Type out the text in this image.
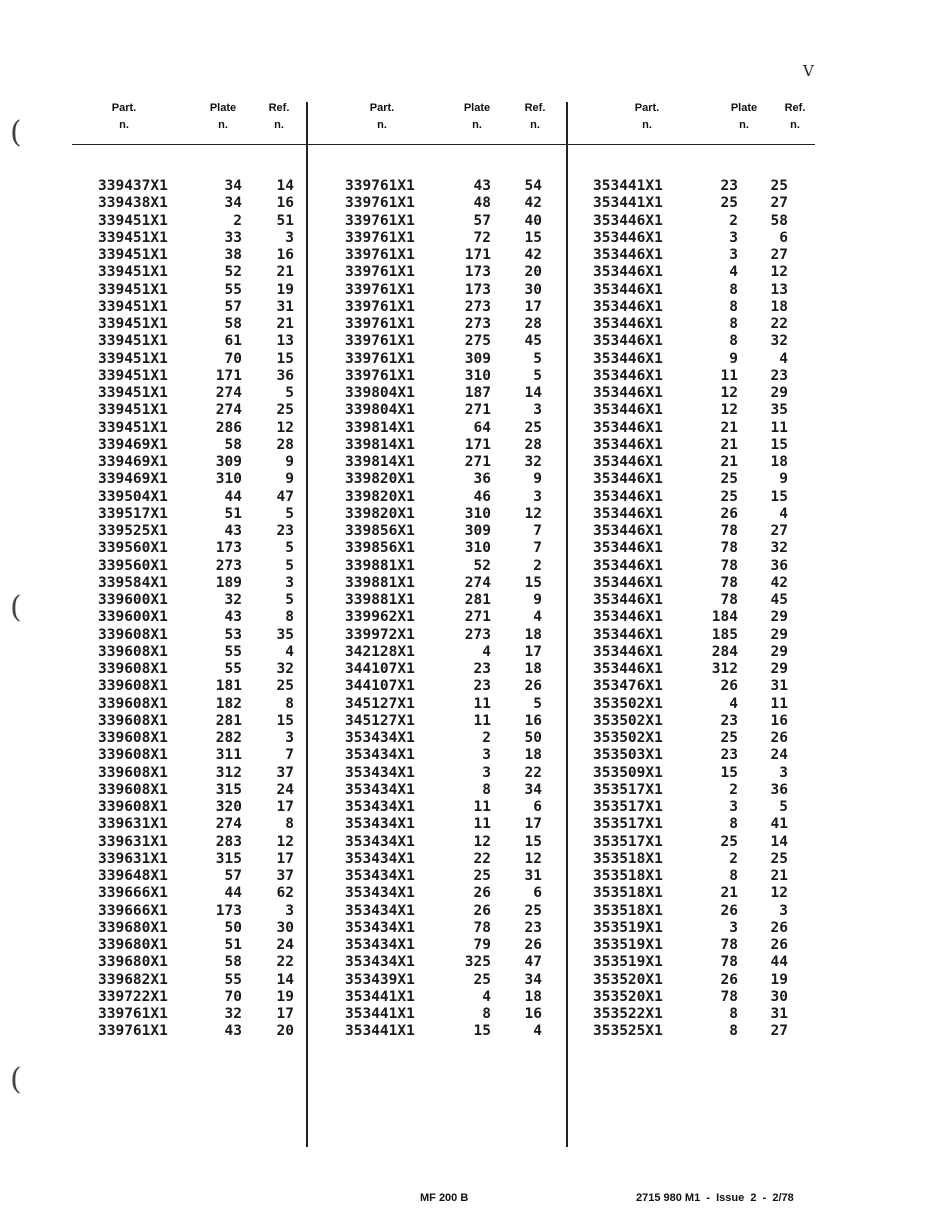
V
(
(
(
Part.
n.
Plate
n.
Ref.
n.
339437X1	34	14
339438X1	34	16
339451X1	2	51
339451X1	33	3
339451X1	38	16
339451X1	52	21
339451X1	55	19
339451X1	57	31
339451X1	58	21
339451X1	61	13
339451X1	70	15
339451X1	171	36
339451X1	274	5
339451X1	274	25
339451X1	286	12
339469X1	58	28
339469X1	309	9
339469X1	310	9
339504X1	44	47
339517X1	51	5
339525X1	43	23
339560X1	173	5
339560X1	273	5
339584X1	189	3
339600X1	32	5
339600X1	43	8
339608X1	53	35
339608X1	55	4
339608X1	55	32
339608X1	181	25
339608X1	182	8
339608X1	281	15
339608X1	282	3
339608X1	311	7
339608X1	312	37
339608X1	315	24
339608X1	320	17
339631X1	274	8
339631X1	283	12
339631X1	315	17
339648X1	57	37
339666X1	44	62
339666X1	173	3
339680X1	50	30
339680X1	51	24
339680X1	58	22
339682X1	55	14
339722X1	70	19
339761X1	32	17
339761X1	43	20
Part.
n.
Plate
n.
Ref.
n.
339761X1	43	54
339761X1	48	42
339761X1	57	40
339761X1	72	15
339761X1	171	42
339761X1	173	20
339761X1	173	30
339761X1	273	17
339761X1	273	28
339761X1	275	45
339761X1	309	5
339761X1	310	5
339804X1	187	14
339804X1	271	3
339814X1	64	25
339814X1	171	28
339814X1	271	32
339820X1	36	9
339820X1	46	3
339820X1	310	12
339856X1	309	7
339856X1	310	7
339881X1	52	2
339881X1	274	15
339881X1	281	9
339962X1	271	4
339972X1	273	18
342128X1	4	17
344107X1	23	18
344107X1	23	26
345127X1	11	5
345127X1	11	16
353434X1	2	50
353434X1	3	18
353434X1	3	22
353434X1	8	34
353434X1	11	6
353434X1	11	17
353434X1	12	15
353434X1	22	12
353434X1	25	31
353434X1	26	6
353434X1	26	25
353434X1	78	23
353434X1	79	26
353434X1	325	47
353439X1	25	34
353441X1	4	18
353441X1	8	16
353441X1	15	4
Part.
n.
Plate
n.
Ref.
n.
353441X1	23	25
353441X1	25	27
353446X1	2	58
353446X1	3	6
353446X1	3	27
353446X1	4	12
353446X1	8	13
353446X1	8	18
353446X1	8	22
353446X1	8	32
353446X1	9	4
353446X1	11	23
353446X1	12	29
353446X1	12	35
353446X1	21	11
353446X1	21	15
353446X1	21	18
353446X1	25	9
353446X1	25	15
353446X1	26	4
353446X1	78	27
353446X1	78	32
353446X1	78	36
353446X1	78	42
353446X1	78	45
353446X1	184	29
353446X1	185	29
353446X1	284	29
353446X1	312	29
353476X1	26	31
353502X1	4	11
353502X1	23	16
353502X1	25	26
353503X1	23	24
353509X1	15	3
353517X1	2	36
353517X1	3	5
353517X1	8	41
353517X1	25	14
353518X1	2	25
353518X1	8	21
353518X1	21	12
353518X1	26	3
353519X1	3	26
353519X1	78	26
353519X1	78	44
353520X1	26	19
353520X1	78	30
353522X1	8	31
353525X1	8	27
MF 200 B	2715 980 M1  -  Issue  2  -  2/78
